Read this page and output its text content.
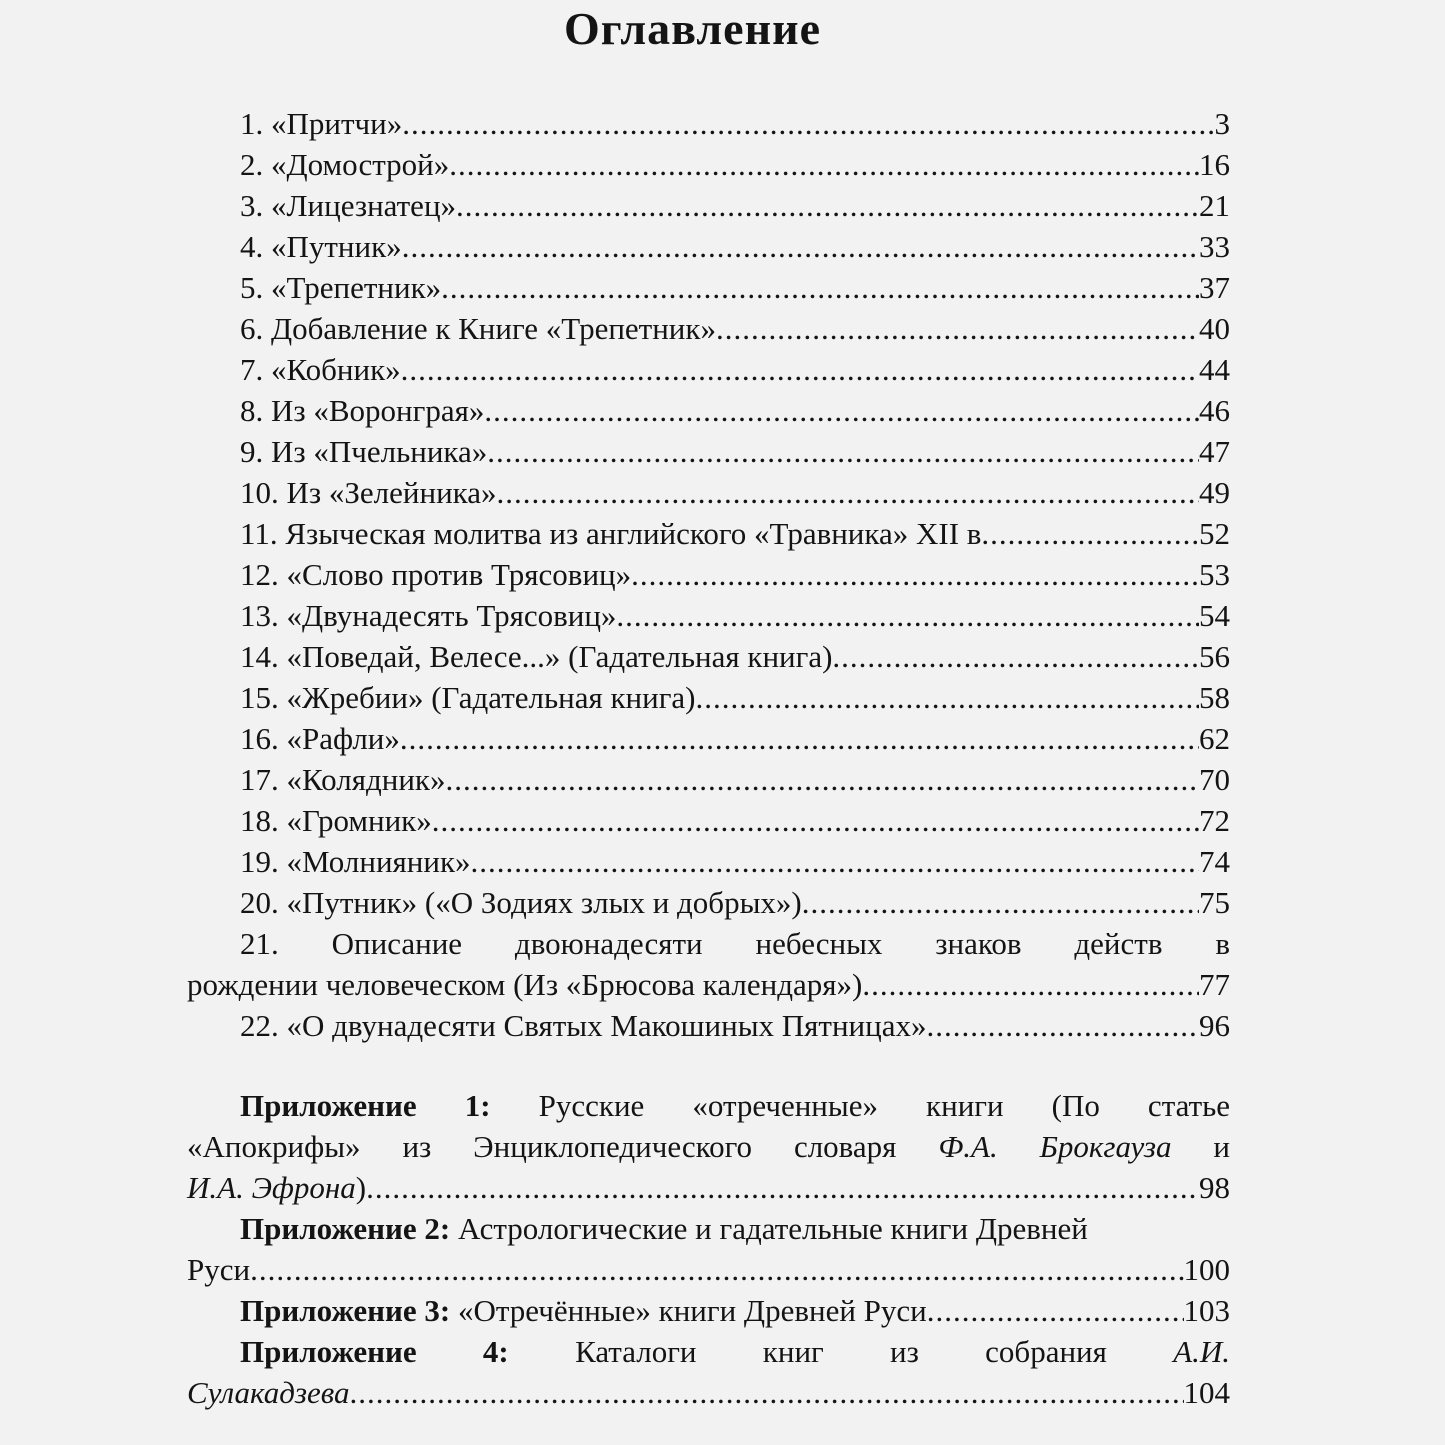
Оглавление
1. «Притчи» .....	3
2. «Домострой» .....	16
3. «Лицезнатец» .....	21
4. «Путник» .....	33
5. «Трепетник» .....	37
6. Добавление к Книге «Трепетник» .....	40
7. «Кобник» .....	44
8. Из «Воронграя» .....	46
9. Из «Пчельника» .....	47
10. Из «Зелейника» .....	49
11. Языческая молитва из английского «Травника» XII в .....	52
12. «Слово против Трясовиц» .....	53
13. «Двунадесять Трясовиц» .....	54
14. «Поведай, Велесе...» (Гадательная книга) .....	56
15. «Жребии» (Гадательная книга) .....	58
16. «Рафли» .....	62
17. «Колядник» .....	70
18. «Громник» .....	72
19. «Молнияник» .....	74
20. «Путник» («О Зодиях злых и добрых») .....	75
21. Описание двоюнадесяти небесных знаков действ в
рождении человеческом (Из «Брюсова календаря») .....	77
22. «О двунадесяти Святых Макошиных Пятницах» .....	96
Приложение 1: Русские «отреченные» книги (По статье
«Апокрифы» из Энциклопедического словаря Ф.А. Брокгауза и
И.А. Эфрона) .....	98
Приложение 2: Астрологические и гадательные книги Древней
Руси .....	100
Приложение 3: «Отречённые» книги Древней Руси .....	103
Приложение 4: Каталоги книг из собрания А.И.
Сулакадзева .....	104
